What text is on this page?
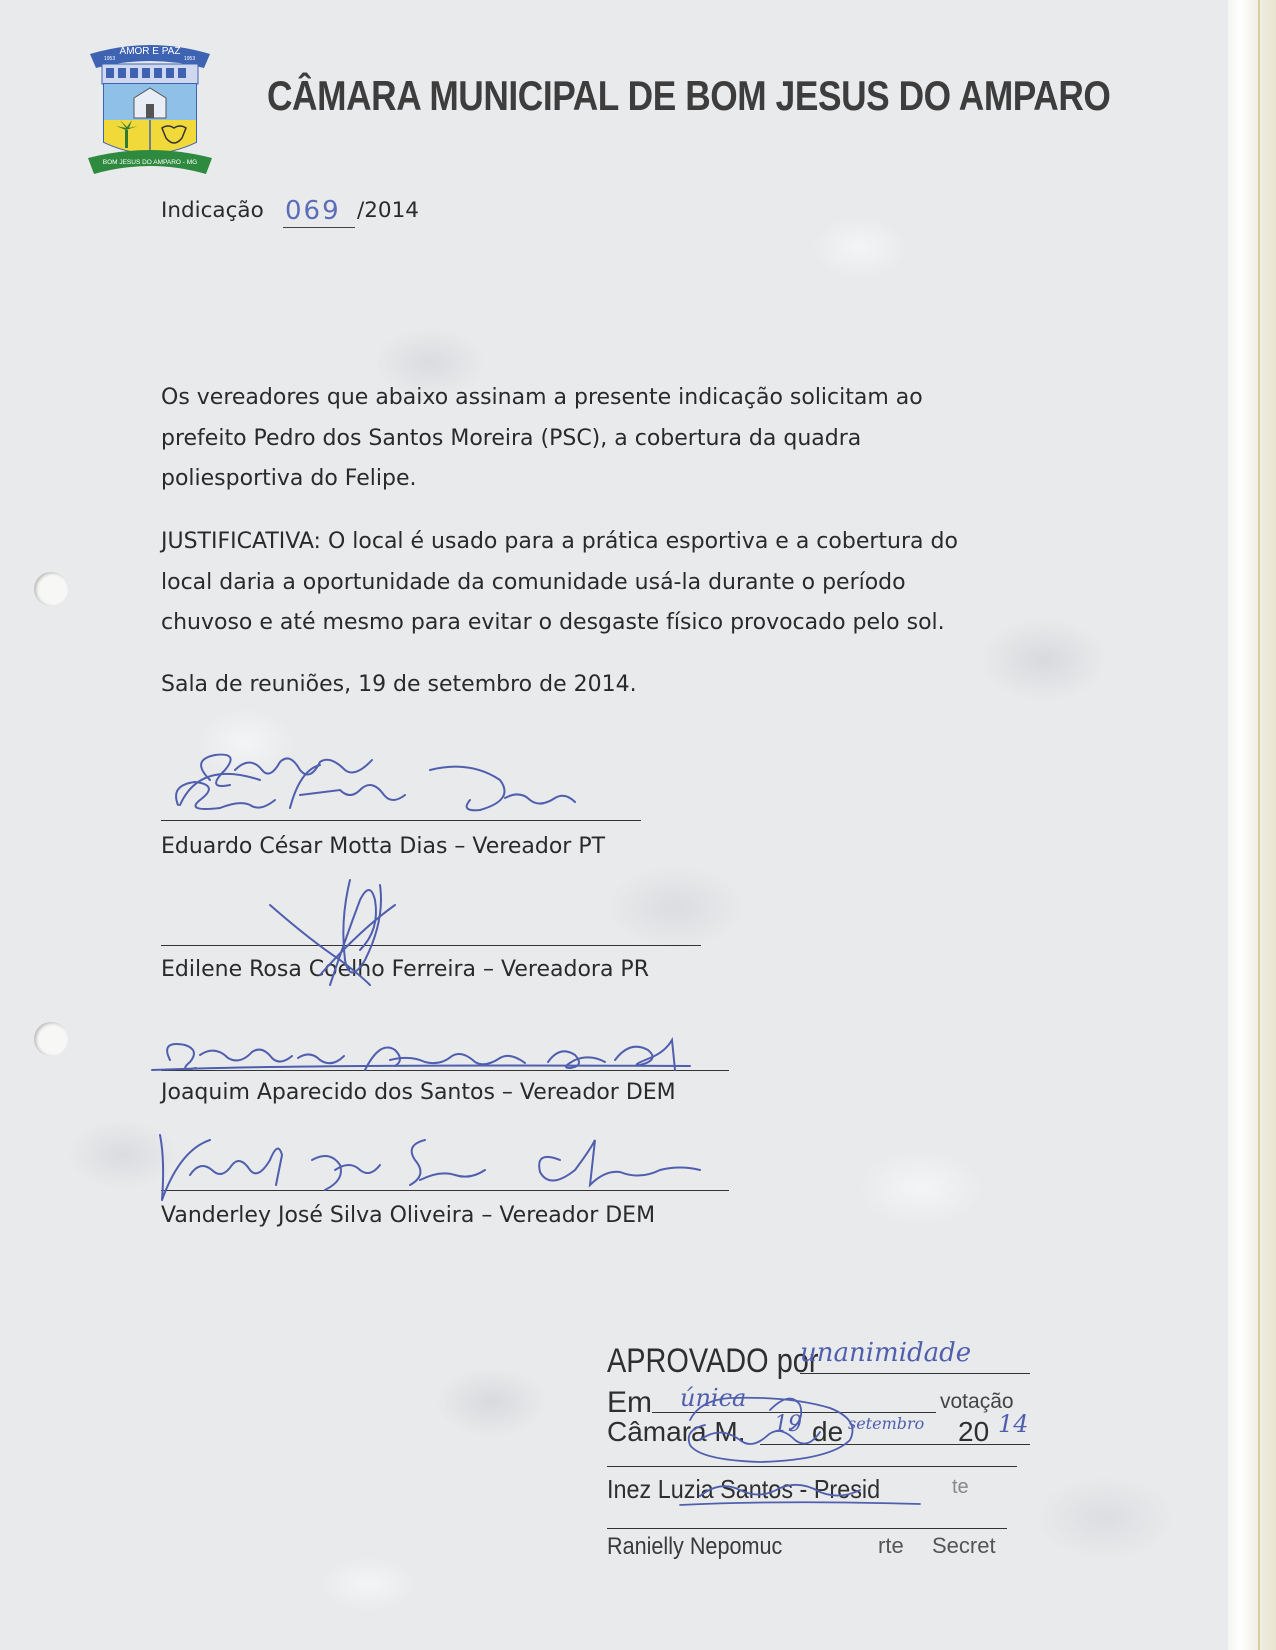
AMOR E PAZ
1953	1953
BOM JESUS DO AMPARO - MG
CÂMARA MUNICIPAL DE BOM JESUS DO AMPARO
Indicação 069 /2014
Os vereadores que abaixo assinam a presente indicação solicitam ao
prefeito Pedro dos Santos Moreira (PSC), a cobertura da quadra
poliesportiva do Felipe.
JUSTIFICATIVA: O local é usado para a prática esportiva e a cobertura do
local daria a oportunidade da comunidade usá-la durante o período
chuvoso e até mesmo para evitar o desgaste físico provocado pelo sol.
Sala de reuniões, 19 de setembro de 2014.
Eduardo César Motta Dias – Vereador PT
Edilene Rosa Coelho Ferreira – Vereadora PR
Joaquim Aparecido dos Santos – Vereador DEM
Vanderley José Silva Oliveira – Vereador DEM
APROVADO por
unanimidade
Em única	votação
Câmara M. 19 de setembro 20 14
Inez Luzia Santos - Presid	te
Ranielly Nepomuc	rte Secret
